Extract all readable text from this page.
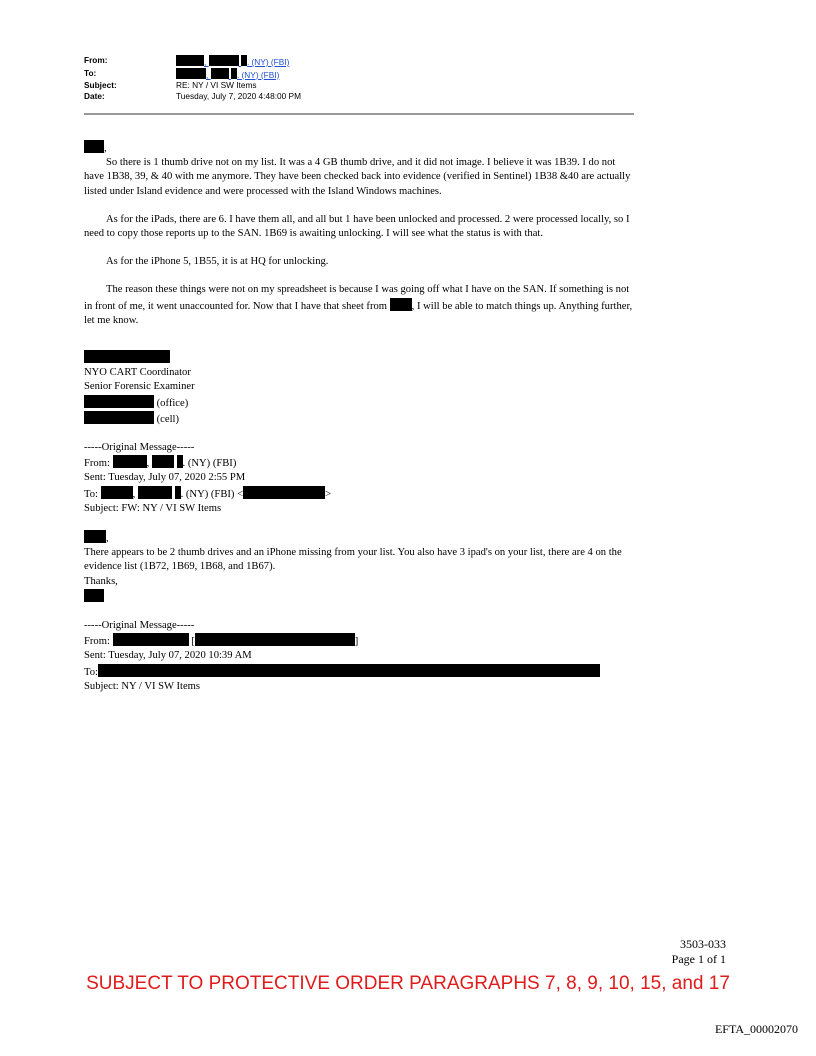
From:	,	. (NY) (FBI)
To:	,	. (NY) (FBI)
Subject:	RE: NY / VI SW Items
Date:	Tuesday, July 7, 2020 4:48:00 PM

,

So there is 1 thumb drive not on my list. It was a 4 GB thumb drive, and it did not image. I believe it was 1B39. I do not have 1B38, 39, & 40 with me anymore. They have been checked back into evidence (verified in Sentinel) 1B38 &40 are actually listed under Island evidence and were processed with the Island Windows machines.

As for the iPads, there are 6. I have them all, and all but 1 have been unlocked and processed. 2 were processed locally, so I need to copy those reports up to the SAN. 1B69 is awaiting unlocking. I will see what the status is with that.

As for the iPhone 5, 1B55, it is at HQ for unlocking.

The reason these things were not on my spreadsheet is because I was going off what I have on the SAN. If something is not in front of me, it went unaccounted for. Now that I have that sheet from , I will be able to match things up. Anything further, let me know.

NYO CART Coordinator

Senior Forensic Examiner

(office)

(cell)

-----Original Message-----

From:	,	. (NY) (FBI)

Sent: Tuesday, July 07, 2020 2:55 PM

To:	,	. (NY) (FBI) <	>

Subject: FW: NY / VI SW Items

,

There appears to be 2 thumb drives and an iPhone missing from your list. You also have 3 ipad's on your list, there are 4 on the evidence list (1B72, 1B69, 1B68, and 1B67).

Thanks,

-----Original Message-----

From:	[	]

Sent: Tuesday, July 07, 2020 10:39 AM

To:

Subject: NY / VI SW Items

3503-033
Page 1 of 1
SUBJECT TO PROTECTIVE ORDER PARAGRAPHS 7, 8, 9, 10, 15, and 17
EFTA_00002070
